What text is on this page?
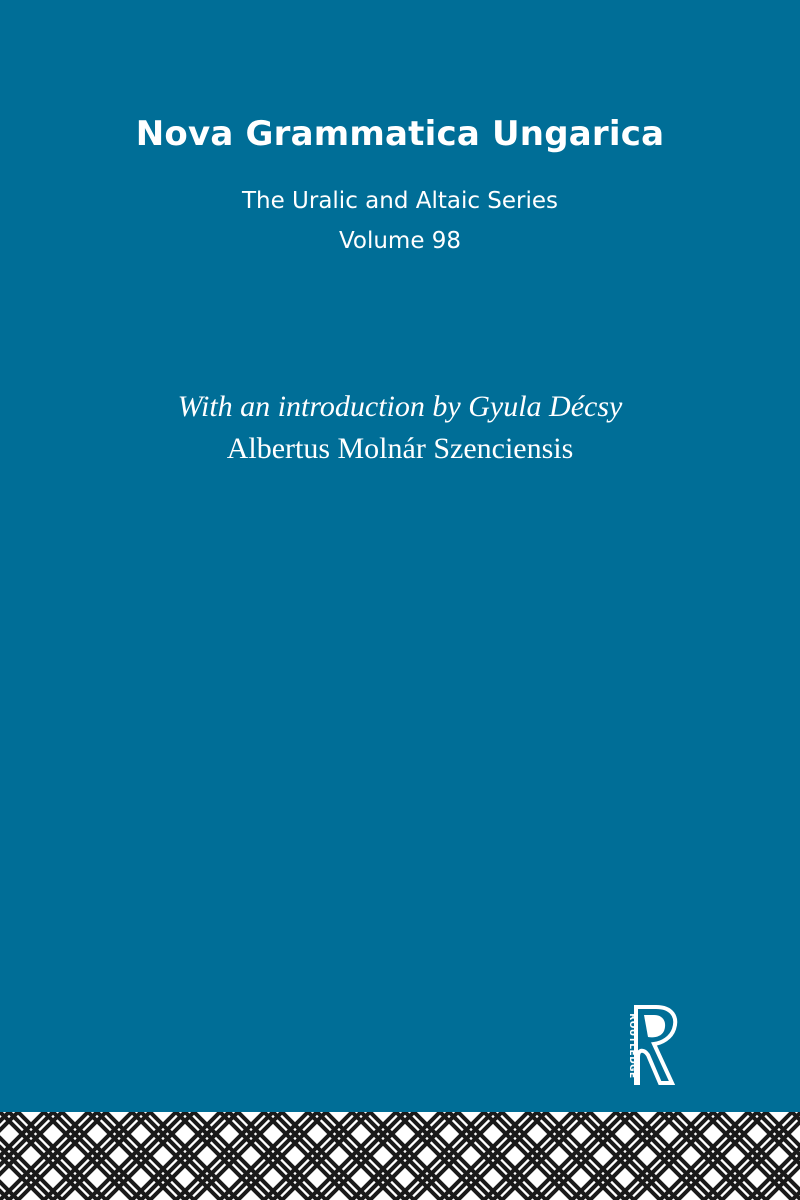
Nova Grammatica Ungarica
The Uralic and Altaic Series
Volume 98
With an introduction by Gyula Décsy
Albertus Molnár Szenciensis
ROUTLEDGE
